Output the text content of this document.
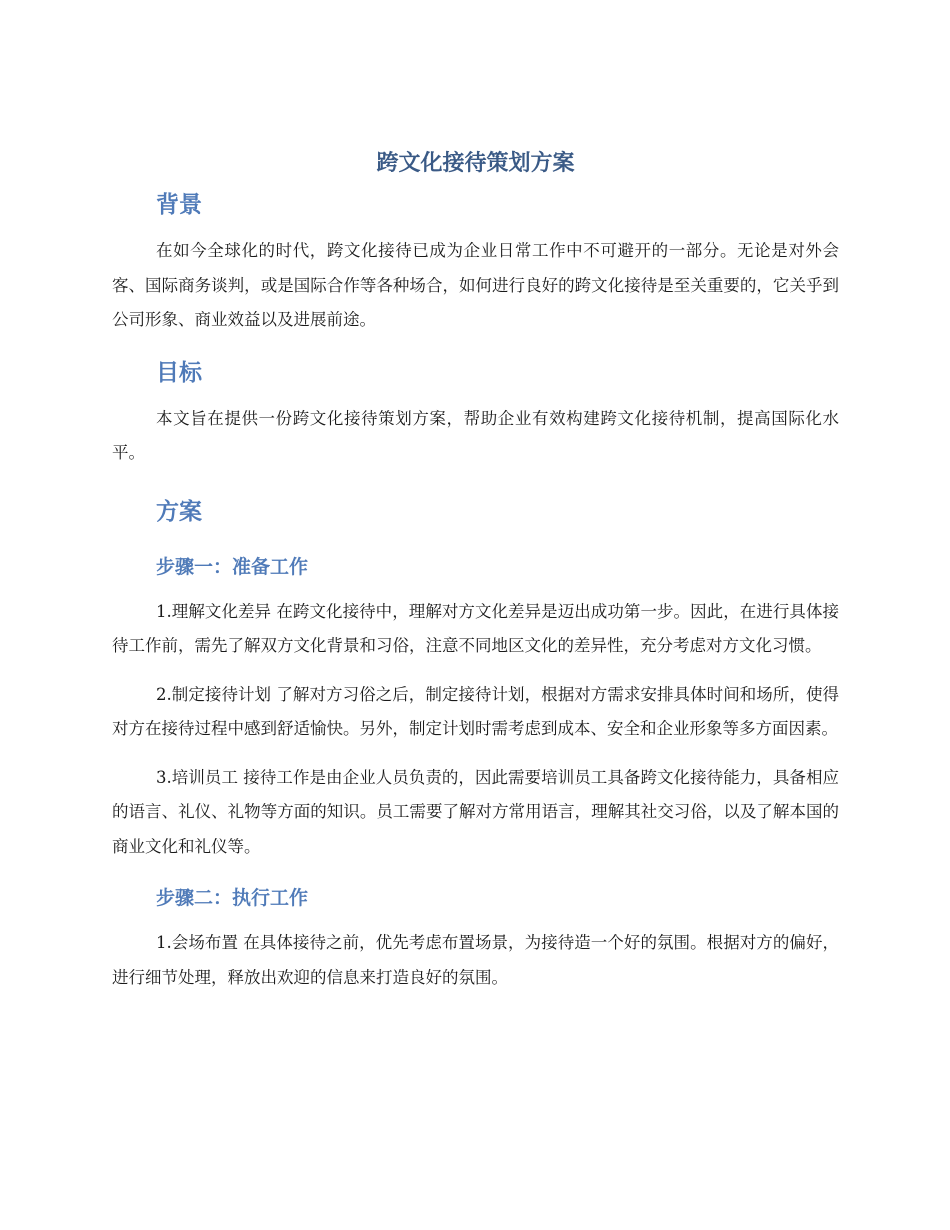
跨文化接待策划方案
背景

在如今全球化的时代，跨文化接待已成为企业日常工作中不可避开的一部分。无论是对外会客、国际商务谈判，或是国际合作等各种场合，如何进行良好的跨文化接待是至关重要的，它关乎到公司形象、商业效益以及进展前途。

目标

本文旨在提供一份跨文化接待策划方案，帮助企业有效构建跨文化接待机制，提高国际化水平。

方案
步骤一：准备工作

1.理解文化差异 在跨文化接待中，理解对方文化差异是迈出成功第一步。因此，在进行具体接待工作前，需先了解双方文化背景和习俗，注意不同地区文化的差异性，充分考虑对方文化习惯。

2.制定接待计划 了解对方习俗之后，制定接待计划，根据对方需求安排具体时间和场所，使得对方在接待过程中感到舒适愉快。另外，制定计划时需考虑到成本、安全和企业形象等多方面因素。

3.培训员工 接待工作是由企业人员负责的，因此需要培训员工具备跨文化接待能力，具备相应的语言、礼仪、礼物等方面的知识。员工需要了解对方常用语言，理解其社交习俗，以及了解本国的商业文化和礼仪等。

步骤二：执行工作

1.会场布置 在具体接待之前，优先考虑布置场景，为接待造一个好的氛围。根据对方的偏好，进行细节处理，释放出欢迎的信息来打造良好的氛围。
